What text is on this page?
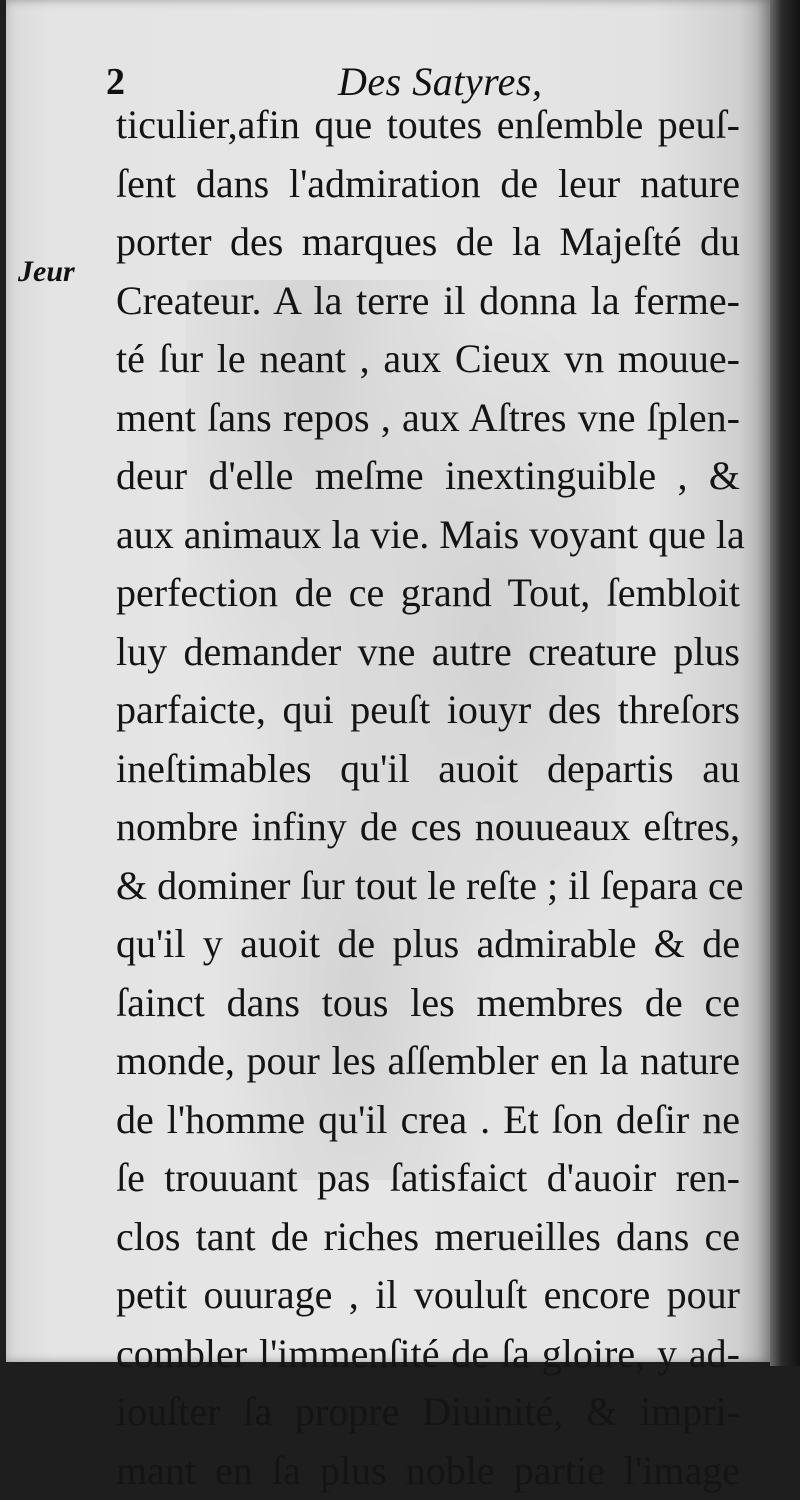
2	Des Satyres,
Jeur
ticulier,afin que toutes enſemble peuſ-
ſent dans l'admiration de leur nature
porter des marques de la Majeſté du
Createur. A la terre il donna la ferme-
té ſur le neant , aux Cieux vn mouue-
ment ſans repos , aux Aſtres vne ſplen-
deur d'elle meſme inextinguible , &
aux animaux la vie. Mais voyant que la
perfection de ce grand Tout, ſembloit
luy demander vne autre creature plus
parfaicte, qui peuſt iouyr des threſors
ineſtimables qu'il auoit departis au
nombre infiny de ces nouueaux eſtres,
& dominer ſur tout le reſte ; il ſepara ce
qu'il y auoit de plus admirable & de
ſainct dans tous les membres de ce
monde, pour les aſſembler en la nature
de l'homme qu'il crea . Et ſon deſir ne
ſe trouuant pas ſatisfaict d'auoir ren-
clos tant de riches merueilles dans ce
petit ouurage , il vouluſt encore pour
combler l'immenſité de ſa gloire, y ad-
iouſter ſa propre Diuinité, & impri-
mant en ſa plus noble partie l'image
